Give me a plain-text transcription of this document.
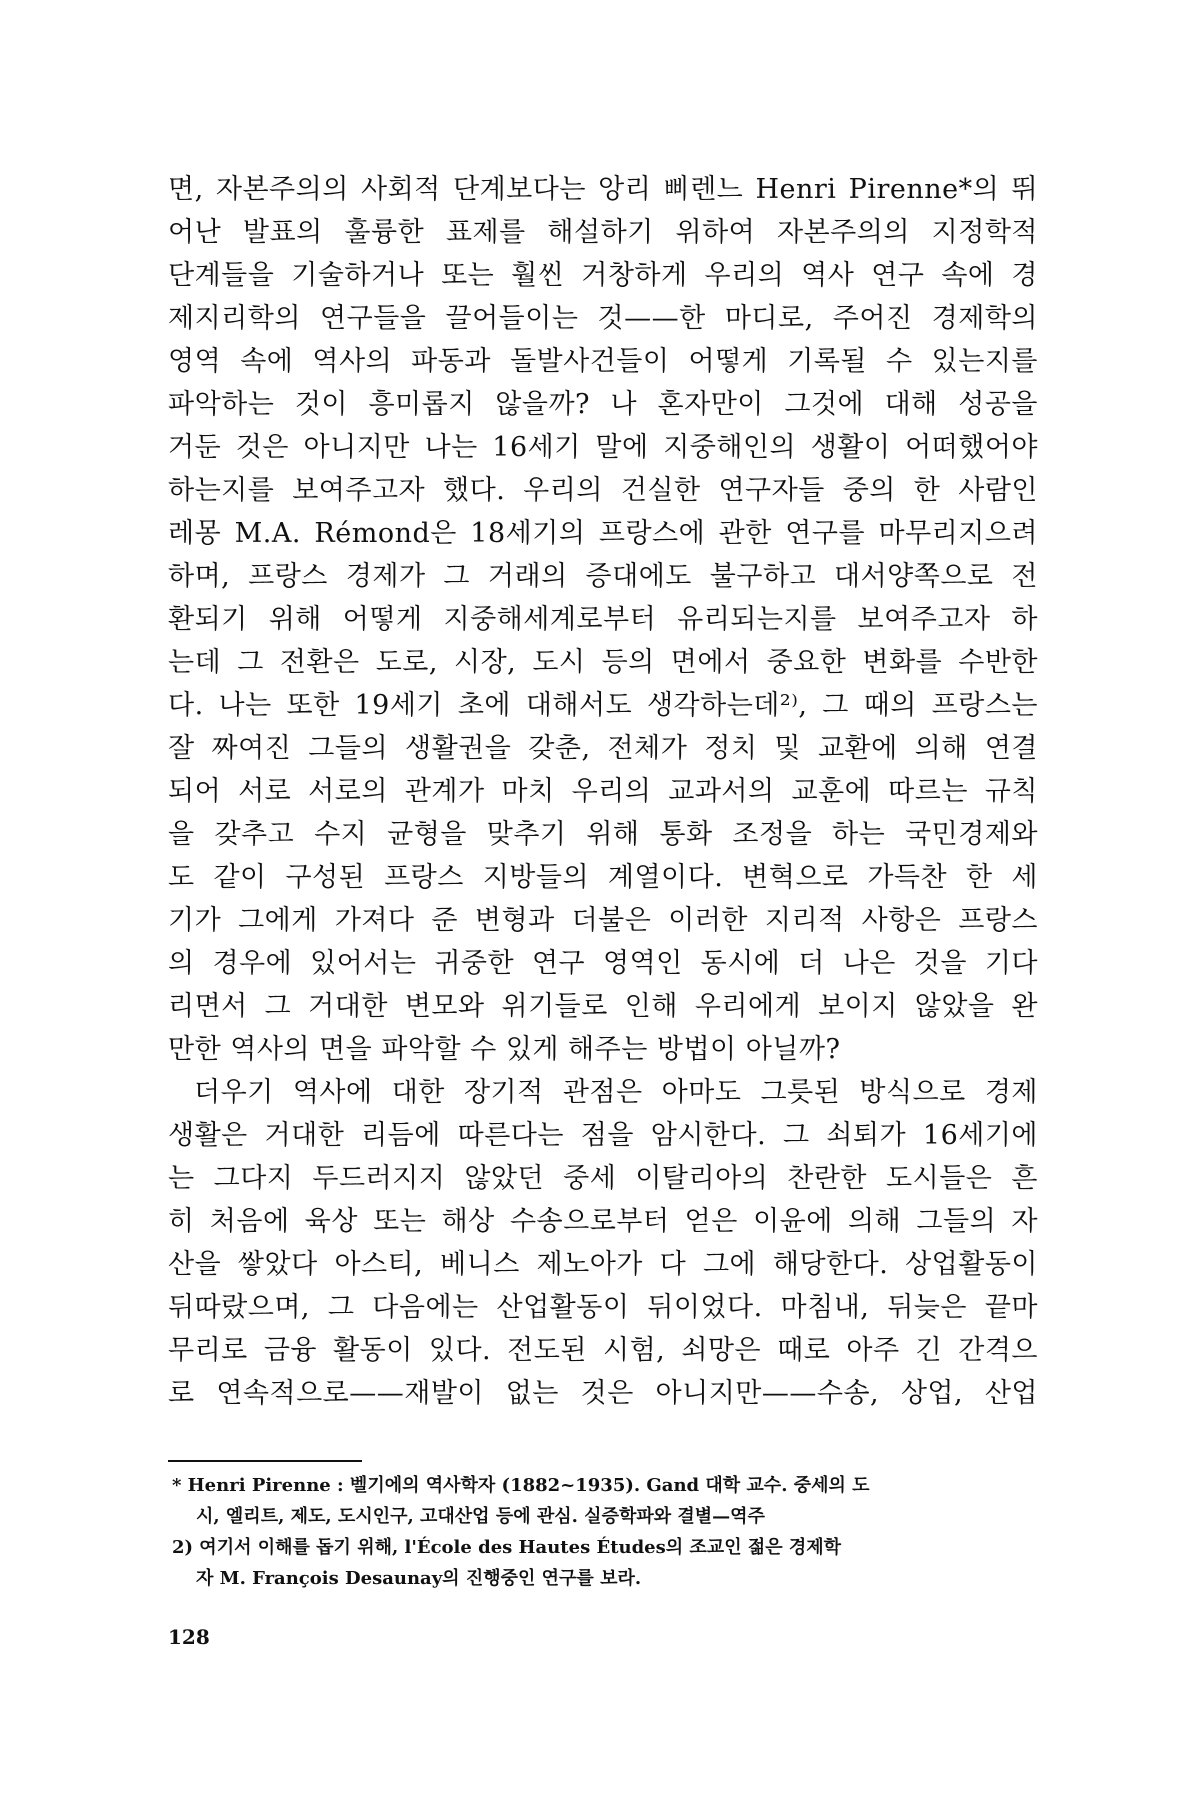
면, 자본주의의 사회적 단계보다는 앙리 삐렌느 Henri Pirenne*의 뛰
어난 발표의 훌륭한 표제를 해설하기 위하여 자본주의의 지정학적
단계들을 기술하거나 또는 훨씬 거창하게 우리의 역사 연구 속에 경
제지리학의 연구들을 끌어들이는 것——한 마디로, 주어진 경제학의
영역 속에 역사의 파동과 돌발사건들이 어떻게 기록될 수 있는지를
파악하는 것이 흥미롭지 않을까? 나 혼자만이 그것에 대해 성공을
거둔 것은 아니지만 나는 16세기 말에 지중해인의 생활이 어떠했어야
하는지를 보여주고자 했다. 우리의 건실한 연구자들 중의 한 사람인
레몽 M.A. Rémond은 18세기의 프랑스에 관한 연구를 마무리지으려
하며, 프랑스 경제가 그 거래의 증대에도 불구하고 대서양쪽으로 전
환되기 위해 어떻게 지중해세계로부터 유리되는지를 보여주고자 하
는데 그 전환은 도로, 시장, 도시 등의 면에서 중요한 변화를 수반한
다. 나는 또한 19세기 초에 대해서도 생각하는데²⁾, 그 때의 프랑스는
잘 짜여진 그들의 생활권을 갖춘, 전체가 정치 및 교환에 의해 연결
되어 서로 서로의 관계가 마치 우리의 교과서의 교훈에 따르는 규칙
을 갖추고 수지 균형을 맞추기 위해 통화 조정을 하는 국민경제와
도 같이 구성된 프랑스 지방들의 계열이다. 변혁으로 가득찬 한 세
기가 그에게 가져다 준 변형과 더불은 이러한 지리적 사항은 프랑스
의 경우에 있어서는 귀중한 연구 영역인 동시에 더 나은 것을 기다
리면서 그 거대한 변모와 위기들로 인해 우리에게 보이지 않았을 완
만한 역사의 면을 파악할 수 있게 해주는 방법이 아닐까?
더우기 역사에 대한 장기적 관점은 아마도 그릇된 방식으로 경제
생활은 거대한 리듬에 따른다는 점을 암시한다. 그 쇠퇴가 16세기에
는 그다지 두드러지지 않았던 중세 이탈리아의 찬란한 도시들은 흔
히 처음에 육상 또는 해상 수송으로부터 얻은 이윤에 의해 그들의 자
산을 쌓았다 아스티, 베니스 제노아가 다 그에 해당한다. 상업활동이
뒤따랐으며, 그 다음에는 산업활동이 뒤이었다. 마침내, 뒤늦은 끝마
무리로 금융 활동이 있다. 전도된 시험, 쇠망은 때로 아주 긴 간격으
로 연속적으로——재발이 없는 것은 아니지만——수송, 상업, 산업
* Henri Pirenne : 벨기에의 역사학자 (1882~1935). Gand 대학 교수. 중세의 도
시, 엘리트, 제도, 도시인구, 고대산업 등에 관심. 실증학파와 결별—역주
2) 여기서 이해를 돕기 위해, l'École des Hautes Études의 조교인 젊은 경제학
자 M. François Desaunay의 진행중인 연구를 보라.
128
